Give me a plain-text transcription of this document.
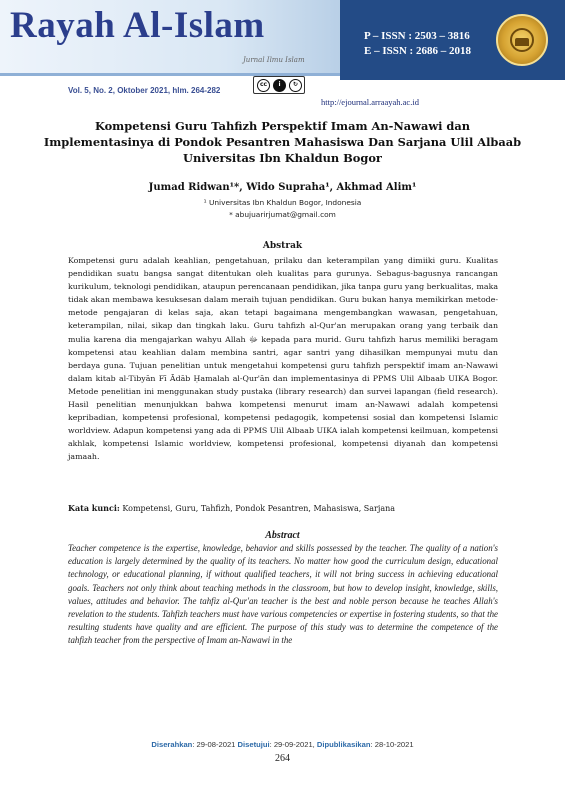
Rayah Al-Islam
Jurnal Ilmu Islam
P – ISSN : 2503 – 3816
E – ISSN : 2686 – 2018
Vol. 5, No. 2, Oktober 2021, hlm. 264-282
cc	i	↻
http://ejournal.arraayah.ac.id
Kompetensi Guru Tahfizh Perspektif Imam An-Nawawi dan Implementasinya di Pondok Pesantren Mahasiswa Dan Sarjana Ulil Albaab Universitas Ibn Khaldun Bogor
Jumad Ridwan¹*, Wido Supraha¹, Akhmad Alim¹
¹ Universitas Ibn Khaldun Bogor, Indonesia
* abujuarirjumat@gmail.com
Abstrak

Kompetensi guru adalah keahlian, pengetahuan, prilaku dan keterampilan yang dimiiki guru. Kualitas pendidikan suatu bangsa sangat ditentukan oleh kualitas para gurunya. Sebagus-bagusnya rancangan kurikulum, teknologi pendidikan, ataupun perencanaan pendidikan, jika tanpa guru yang berkualitas, maka tidak akan membawa kesuksesan dalam meraih tujuan pendidikan. Guru bukan hanya memikirkan metode-metode pengajaran di kelas saja, akan tetapi bagaimana mengembangkan wawasan, pengetahuan, keterampilan, nilai, sikap dan tingkah laku. Guru tahfizh al-Qur'an merupakan orang yang terbaik dan mulia karena dia mengajarkan wahyu Allah ﷻ kepada para murid. Guru tahfizh harus memiliki beragam kompetensi atau keahlian dalam membina santri, agar santri yang dihasilkan mempunyai mutu dan berdaya guna. Tujuan penelitian untuk mengetahui kompetensi guru tahfizh perspektif imam an-Nawawi dalam kitab al-Tibyān Fī Ādāb Ḥamalah al-Qur'ān dan implementasinya di PPMS Ulil Albaab UIKA Bogor. Metode penelitian ini menggunakan study pustaka (library research) dan survei lapangan (field research). Hasil penelitian menunjukkan bahwa kompetensi menurut imam an-Nawawi adalah kompetensi kepribadian, kompetensi profesional, kompetensi pedagogik, kompetensi sosial dan kompetensi Islamic worldview. Adapun kompetensi yang ada di PPMS Ulil Albaab UIKA ialah kompetensi keilmuan, kompetensi akhlak, kompetensi Islamic worldview, kompetensi profesional, kompetensi diyanah dan kompetensi jamaah.

Kata kunci: Kompetensi, Guru, Tahfizh, Pondok Pesantren, Mahasiswa, Sarjana
Abstract
Teacher competence is the expertise, knowledge, behavior and skills possessed by the teacher. The quality of a nation's education is largely determined by the quality of its teachers. No matter how good the curriculum design, educational technology, or educational planning, if without qualified teachers, it will not bring success in achieving educational goals. Teachers not only think about teaching methods in the classroom, but how to develop insight, knowledge, skills, values, attitudes and behavior. The tahfiz al-Qur'an teacher is the best and noble person because he teaches Allah's revelation to the students. Tahfizh teachers must have various competencies or expertise in fostering students, so that the resulting students have quality and are efficient. The purpose of this study was to determine the competence of the tahfizh teacher from the perspective of Imam an-Nawawi in the
Diserahkan: 29-08-2021 Disetujui: 29-09-2021, Dipublikasikan: 28-10-2021
264
